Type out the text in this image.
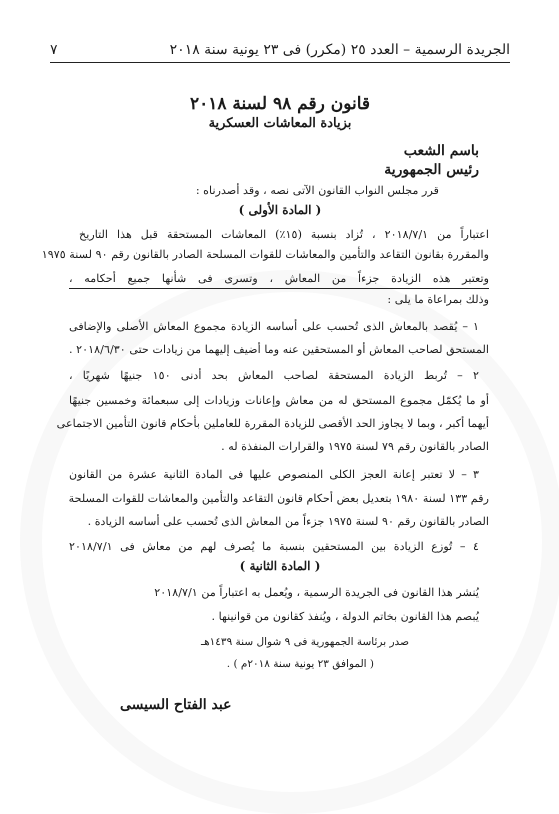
الجريدة الرسمية – العدد ٢٥ (مكرر) فى ٢٣ يونية سنة ٢٠١٨
٧
قانون رقم ٩٨ لسنة ٢٠١٨
بزيادة المعاشات العسكرية
باسم الشعب
رئيس الجمهورية
قرر مجلس النواب القانون الآتى نصه ، وقد أصدرناه :
( المادة الأولى )
اعتباراً من ٢٠١٨/٧/١ ، تُزاد بنسبة (١٥٪) المعاشات المستحقة قبل هذا التاريخ
والمقررة بقانون التقاعد والتأمين والمعاشات للقوات المسلحة الصادر بالقانون رقم ٩٠ لسنة ١٩٧٥
وتعتبر هذه الزيادة جزءاً من المعاش ، وتسرى فى شأنها جميع أحكامه ،
وذلك بمراعاة ما يلى :
١ – يُقصد بالمعاش الذى تُحسب على أساسه الزيادة مجموع المعاش الأصلى والإضافى
المستحق لصاحب المعاش أو المستحقين عنه وما أضيف إليهما من زيادات حتى ٢٠١٨/٦/٣٠ .
٢ – تُربط الزيادة المستحقة لصاحب المعاش بحد أدنى ١٥٠ جنيهًا شهريًا ،
أو ما يُكمّل مجموع المستحق له من معاش وإعانات وزيادات إلى سبعمائة وخمسين جنيهًا
أيهما أكبر ، وبما لا يجاوز الحد الأقصى للزيادة المقررة للعاملين بأحكام قانون التأمين الاجتماعى
الصادر بالقانون رقم ٧٩ لسنة ١٩٧٥ والقرارات المنفذة له .
٣ – لا تعتبر إعانة العجز الكلى المنصوص عليها فى المادة الثانية عشرة من القانون
رقم ١٣٣ لسنة ١٩٨٠ بتعديل بعض أحكام قانون التقاعد والتأمين والمعاشات للقوات المسلحة
الصادر بالقانون رقم ٩٠ لسنة ١٩٧٥ جزءاً من المعاش الذى تُحسب على أساسه الزيادة .
٤ – تُوزع الزيادة بين المستحقين بنسبة ما يُصرف لهم من معاش فى ٢٠١٨/٧/١
( المادة الثانية )
يُنشر هذا القانون فى الجريدة الرسمية ، ويُعمل به اعتباراً من ٢٠١٨/٧/١
يُبصم هذا القانون بخاتم الدولة ، ويُنفذ كقانون من قوانينها .
صدر برئاسة الجمهورية فى ٩ شوال سنة ١٤٣٩هـ
( الموافق ٢٣ يونية سنة ٢٠١٨م ) .
عبد الفتاح السيسى
